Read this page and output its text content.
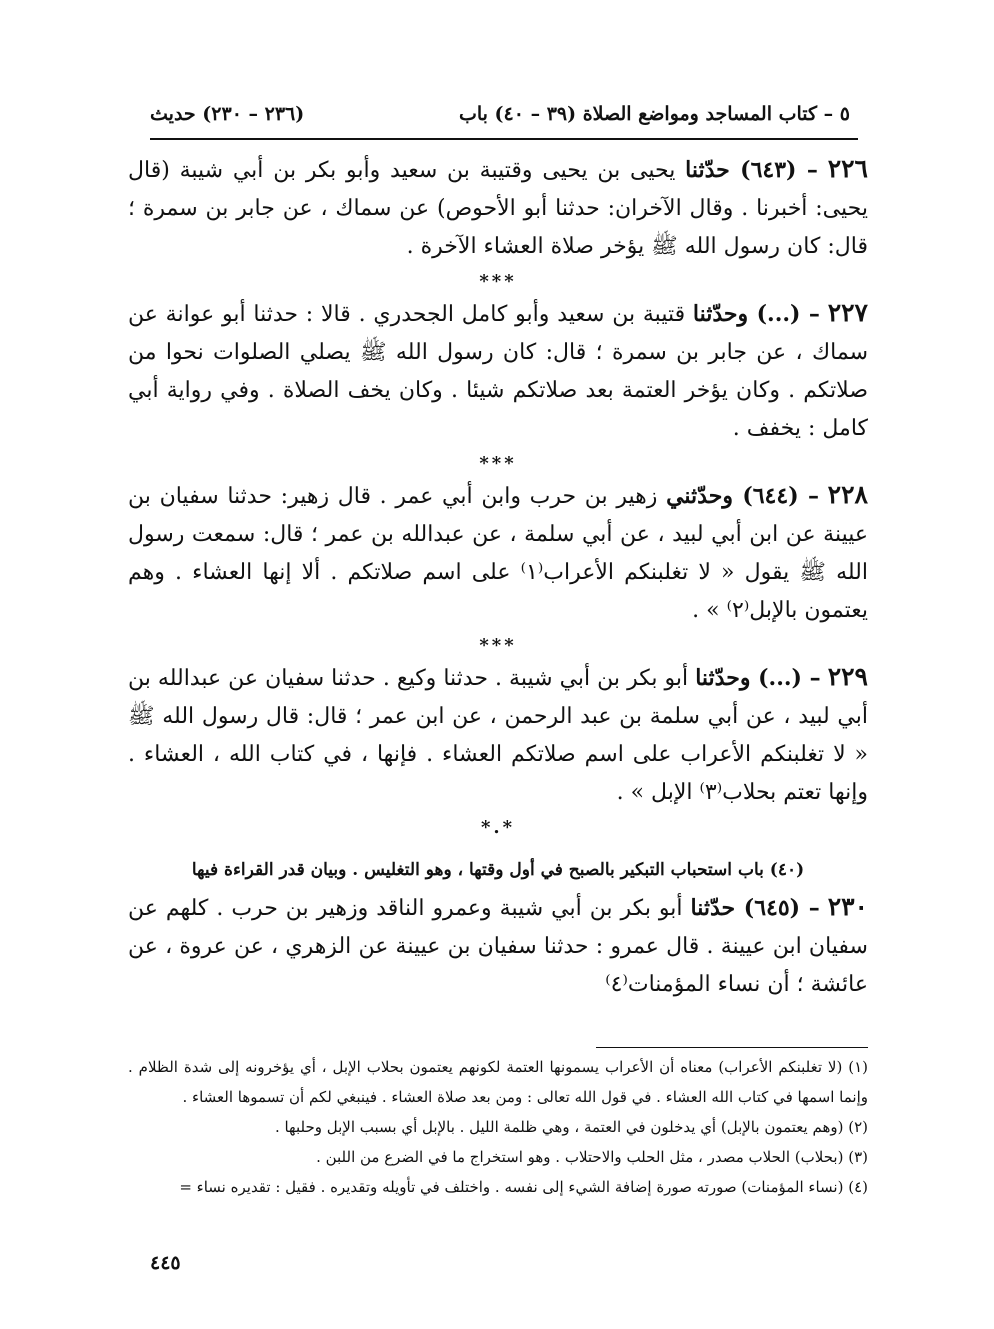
٥ – كتاب المساجد ومواضع الصلاة (٣٩ – ٤٠) باب
(٢٣٦ – ٢٣٠) حديث

٢٢٦ – (٦٤٣) حدّثنا يحيى بن يحيى وقتيبة بن سعيد وأبو بكر بن أبي شيبة (قال يحيى: أخبرنا . وقال الآخران: حدثنا أبو الأحوص) عن سماك ، عن جابر بن سمرة ؛ قال: كان رسول الله ﷺ يؤخر صلاة العشاء الآخرة .

***

٢٢٧ – (...) وحدّثنا قتيبة بن سعيد وأبو كامل الجحدري . قالا : حدثنا أبو عوانة عن سماك ، عن جابر بن سمرة ؛ قال: كان رسول الله ﷺ يصلي الصلوات نحوا من صلاتكم . وكان يؤخر العتمة بعد صلاتكم شيئا . وكان يخف الصلاة . وفي رواية أبي كامل : يخفف .

***

٢٢٨ – (٦٤٤) وحدّثني زهير بن حرب وابن أبي عمر . قال زهير: حدثنا سفيان بن عيينة عن ابن أبي لبيد ، عن أبي سلمة ، عن عبدالله بن عمر ؛ قال: سمعت رسول الله ﷺ يقول « لا تغلبنكم الأعراب⁽١⁾ على اسم صلاتكم . ألا إنها العشاء . وهم يعتمون بالإبل⁽٢⁾ » .

***

٢٢٩ – (...) وحدّثنا أبو بكر بن أبي شيبة . حدثنا وكيع . حدثنا سفيان عن عبدالله بن أبي لبيد ، عن أبي سلمة بن عبد الرحمن ، عن ابن عمر ؛ قال: قال رسول الله ﷺ « لا تغلبنكم الأعراب على اسم صلاتكم العشاء . فإنها ، في كتاب الله ، العشاء . وإنها تعتم بحلاب⁽٣⁾ الإبل » .

*.*
(٤٠) باب استحباب التبكير بالصبح في أول وقتها ، وهو التغليس . وبيان قدر القراءة فيها

٢٣٠ – (٦٤٥) حدّثنا أبو بكر بن أبي شيبة وعمرو الناقد وزهير بن حرب . كلهم عن سفيان ابن عيينة . قال عمرو : حدثنا سفيان بن عيينة عن الزهري ، عن عروة ، عن عائشة ؛ أن نساء المؤمنات⁽٤⁾

(١) (لا تغلبنكم الأعراب) معناه أن الأعراب يسمونها العتمة لكونهم يعتمون بحلاب الإبل ، أي يؤخرونه إلى شدة الظلام . وإنما اسمها في كتاب الله العشاء . في قول الله تعالى : ومن بعد صلاة العشاء . فينبغي لكم أن تسموها العشاء .

(٢) (وهم يعتمون بالإبل) أي يدخلون في العتمة ، وهي ظلمة الليل . بالإبل أي بسبب الإبل وحلبها .

(٣) (بحلاب) الحلاب مصدر ، مثل الحلب والاحتلاب . وهو استخراج ما في الضرع من اللبن .

(٤) (نساء المؤمنات) صورته صورة إضافة الشيء إلى نفسه . واختلف في تأويله وتقديره . فقيل : تقديره نساء =

٤٤٥
